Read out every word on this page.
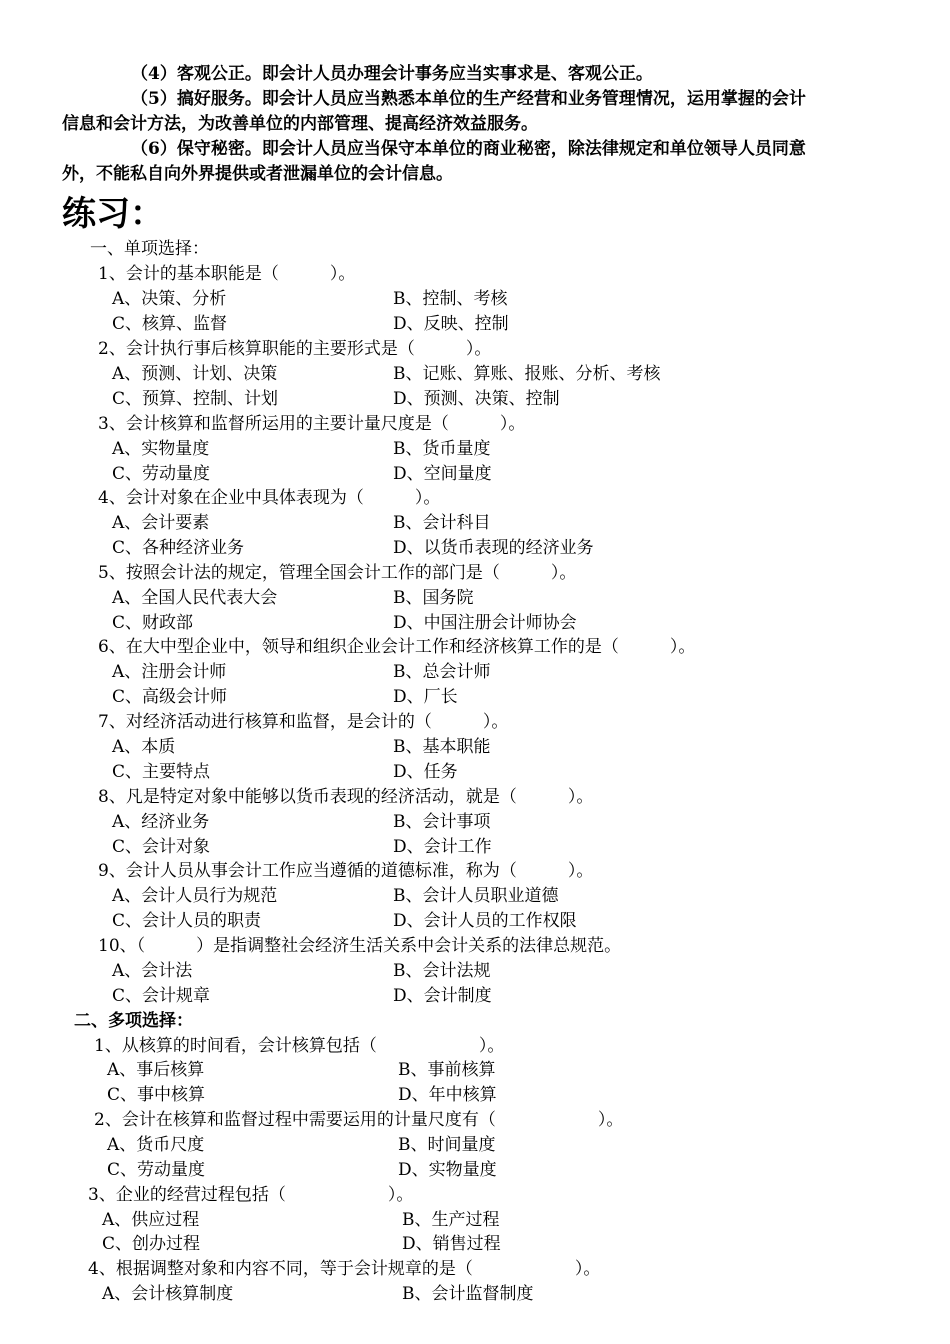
（4）客观公正。即会计人员办理会计事务应当实事求是、客观公正。
（5）搞好服务。即会计人员应当熟悉本单位的生产经营和业务管理情况，运用掌握的会计
信息和会计方法，为改善单位的内部管理、提高经济效益服务。
（6）保守秘密。即会计人员应当保守本单位的商业秘密，除法律规定和单位领导人员同意
外，不能私自向外界提供或者泄漏单位的会计信息。
练习：
一、单项选择：
1、会计的基本职能是（　　　）。
A、决策、分析	B、控制、考核
C、核算、监督	D、反映、控制
2、会计执行事后核算职能的主要形式是（　　　）。
A、预测、计划、决策	B、记账、算账、报账、分析、考核
C、预算、控制、计划	D、预测、决策、控制
3、会计核算和监督所运用的主要计量尺度是（　　　）。
A、实物量度	B、货币量度
C、劳动量度	D、空间量度
4、会计对象在企业中具体表现为（　　　）。
A、会计要素	B、会计科目
C、各种经济业务	D、以货币表现的经济业务
5、按照会计法的规定，管理全国会计工作的部门是（　　　）。
A、全国人民代表大会	B、国务院
C、财政部	D、中国注册会计师协会
6、在大中型企业中，领导和组织企业会计工作和经济核算工作的是（　　　）。
A、注册会计师	B、总会计师
C、高级会计师	D、厂长
7、对经济活动进行核算和监督，是会计的（　　　）。
A、本质	B、基本职能
C、主要特点	D、任务
8、凡是特定对象中能够以货币表现的经济活动，就是（　　　）。
A、经济业务	B、会计事项
C、会计对象	D、会计工作
9、会计人员从事会计工作应当遵循的道德标准，称为（　　　）。
A、会计人员行为规范	B、会计人员职业道德
C、会计人员的职责	D、会计人员的工作权限
10、（　　　）是指调整社会经济生活关系中会计关系的法律总规范。
A、会计法	B、会计法规
C、会计规章	D、会计制度
二、多项选择：
1、从核算的时间看，会计核算包括（　　　　　　）。
A、事后核算	B、事前核算
C、事中核算	D、年中核算
2、会计在核算和监督过程中需要运用的计量尺度有（　　　　　　）。
A、货币尺度	B、时间量度
C、劳动量度	D、实物量度
3、企业的经营过程包括（　　　　　　）。
A、供应过程	B、生产过程
C、创办过程	D、销售过程
4、根据调整对象和内容不同，等于会计规章的是（　　　　　　）。
A、会计核算制度	B、会计监督制度
